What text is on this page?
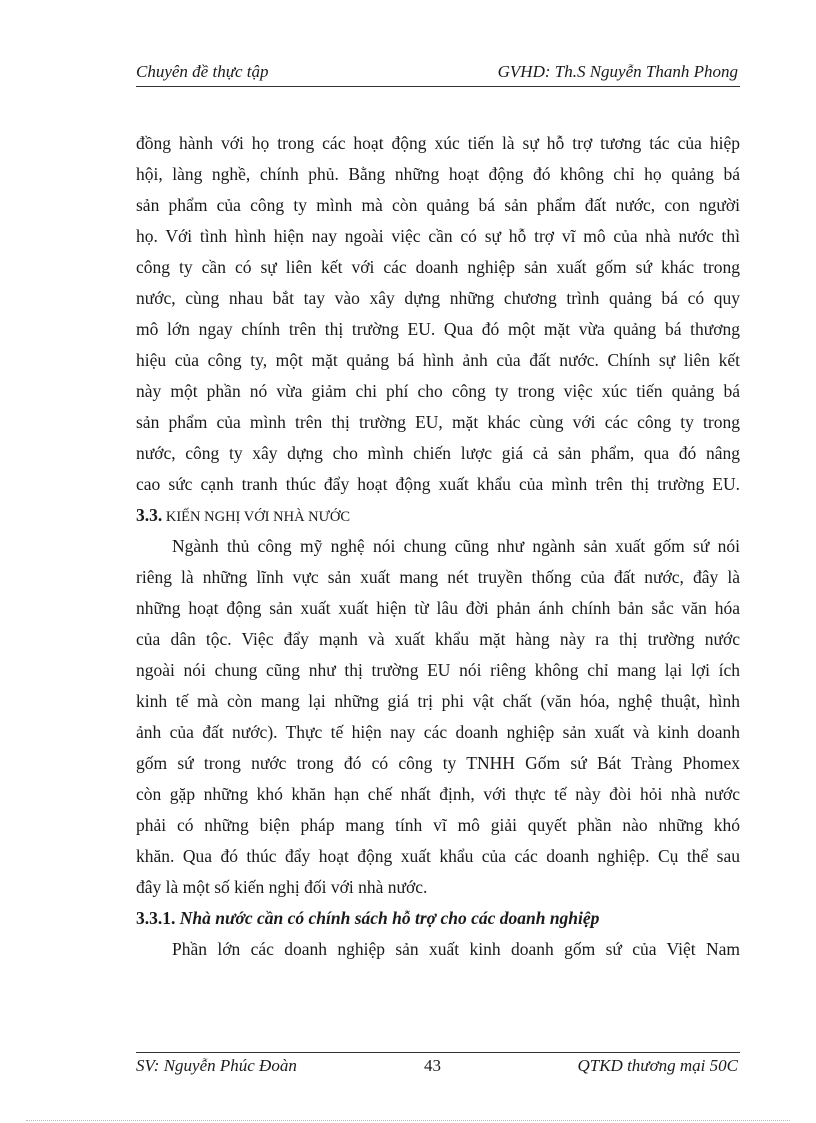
Chuyên đề thực tập	GVHD: Th.S Nguyễn Thanh Phong
đồng hành với họ trong các hoạt động xúc tiến là sự hỗ trợ tương tác của hiệp
hội, làng nghề, chính phủ. Bằng những hoạt động đó không chỉ họ quảng bá
sản phẩm của công ty mình mà còn quảng bá sản phẩm đất nước, con người
họ. Với tình hình hiện nay ngoài việc cần có sự hỗ trợ vĩ mô của nhà nước thì
công ty cần có sự liên kết với các doanh nghiệp sản xuất gốm sứ khác trong
nước, cùng nhau bắt tay vào xây dựng những chương trình quảng bá có quy
mô lớn ngay chính trên thị trường EU. Qua đó một mặt vừa quảng bá thương
hiệu của công ty, một mặt quảng bá hình ảnh của đất nước. Chính sự liên kết
này một phần nó vừa giảm chi phí cho công ty trong việc xúc tiến quảng bá
sản phẩm của mình trên thị trường EU, mặt khác cùng với các công ty trong
nước, công ty xây dựng cho mình chiến lược giá cả sản phẩm, qua đó nâng
cao sức cạnh tranh thúc đẩy hoạt động xuất khẩu của mình trên thị trường EU.
3.3. KIẾN NGHỊ VỚI NHÀ NƯỚC
Ngành thủ công mỹ nghệ nói chung cũng như ngành sản xuất gốm sứ nói
riêng là những lĩnh vực sản xuất mang nét truyền thống của đất nước, đây là
những hoạt động sản xuất xuất hiện từ lâu đời phản ánh chính bản sắc văn hóa
của dân tộc. Việc đẩy mạnh và xuất khẩu mặt hàng này ra thị trường nước
ngoài nói chung cũng như thị trường EU nói riêng không chỉ mang lại lợi ích
kinh tế mà còn mang lại những giá trị phi vật chất (văn hóa, nghệ thuật, hình
ảnh của đất nước). Thực tế hiện nay các doanh nghiệp sản xuất và kinh doanh
gốm sứ trong nước trong đó có công ty TNHH Gốm sứ Bát Tràng Phomex
còn gặp những khó khăn hạn chế nhất định, với thực tế này đòi hỏi nhà nước
phải có những biện pháp mang tính vĩ mô giải quyết phần nào những khó
khăn. Qua đó thúc đẩy hoạt động xuất khẩu của các doanh nghiệp. Cụ thể sau
đây là một số kiến nghị đối với nhà nước.
3.3.1. Nhà nước cần có chính sách hỗ trợ cho các doanh nghiệp
Phần lớn các doanh nghiệp sản xuất kinh doanh gốm sứ của Việt Nam
SV: Nguyễn Phúc Đoàn	43	QTKD thương mại 50C
